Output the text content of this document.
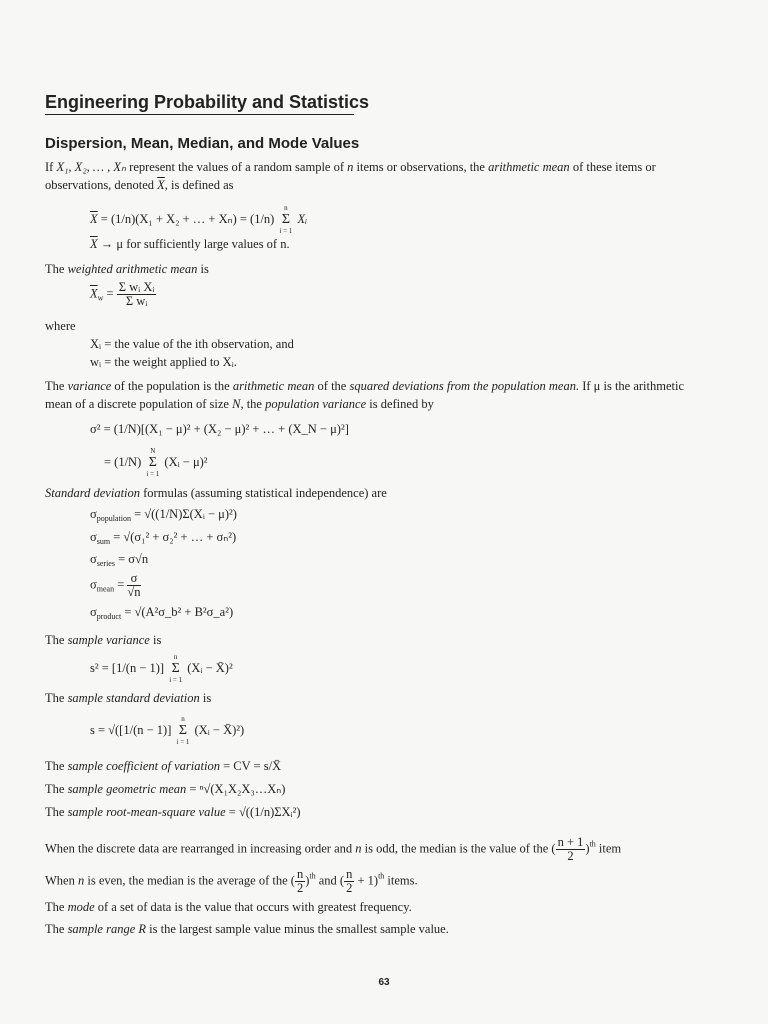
Engineering Probability and Statistics
Dispersion, Mean, Median, and Mode Values
If X₁, X₂, … , Xₙ represent the values of a random sample of n items or observations, the arithmetic mean of these items or
observations, denoted $\overline{X}$, is defined as
$\overline{X} = (1/n)(X_1 + X_2$ + … + Xₙ) = (1/n)
n
Σ
i = 1
Xᵢ
$\overline{X} \to \mu$ for sufficiently large values of n.
The weighted arithmetic mean is
$\overline{X}_w = \frac{\text{Σ wᵢ Xᵢ}}{\text{Σ wᵢ}}$
where
Xᵢ = the value of the ith observation, and
wᵢ = the weight applied to Xᵢ.
The variance of the population is the arithmetic mean of the squared deviations from the population mean. If μ is the arithmetic
mean of a discrete population of size N, the population variance is defined by
σ² = (1/N)[(X₁ − μ)² + (X₂ − μ)² + … + (X_N − μ)²]
= (1/N)
N
Σ
i = 1
(Xᵢ − μ)²
Standard deviation formulas (assuming statistical independence) are
$\sigma_{population}$ = √((1/N)Σ(Xᵢ − μ)²)
$\sigma_{sum} = √(\sigma_1^2 + \sigma_2^2$ + … + σₙ²)
$\sigma_{series} = \sigma√n$
$\sigma_{mean} = \frac{\sigma}{√n}$
$\sigma_{product}$ = √(A²σ_b² + B²σ_a²)
The sample variance is
s² = [1/(n − 1)]
n
Σ
i = 1
(Xᵢ − X̄)²
The sample standard deviation is
s = √([1/(n − 1)]
n
Σ
i = 1
(Xᵢ − X̄)²)
The sample coefficient of variation = CV = s/X̄
The sample geometric mean = ⁿ√(X₁X₂X₃…Xₙ)
The sample root-mean-square value = √((1/n)ΣXᵢ²)
When the discrete data are rearranged in increasing order and n is odd, the median is the value of the ( $\frac{n + 1}{2} )^{th}$ item
When n is even, the median is the average of the ( $\frac{n}{2} )^{th}$ and ( $\frac{n}{2} + 1)^{th}$ items.
The mode of a set of data is the value that occurs with greatest frequency.
The sample range R is the largest sample value minus the smallest sample value.
63
